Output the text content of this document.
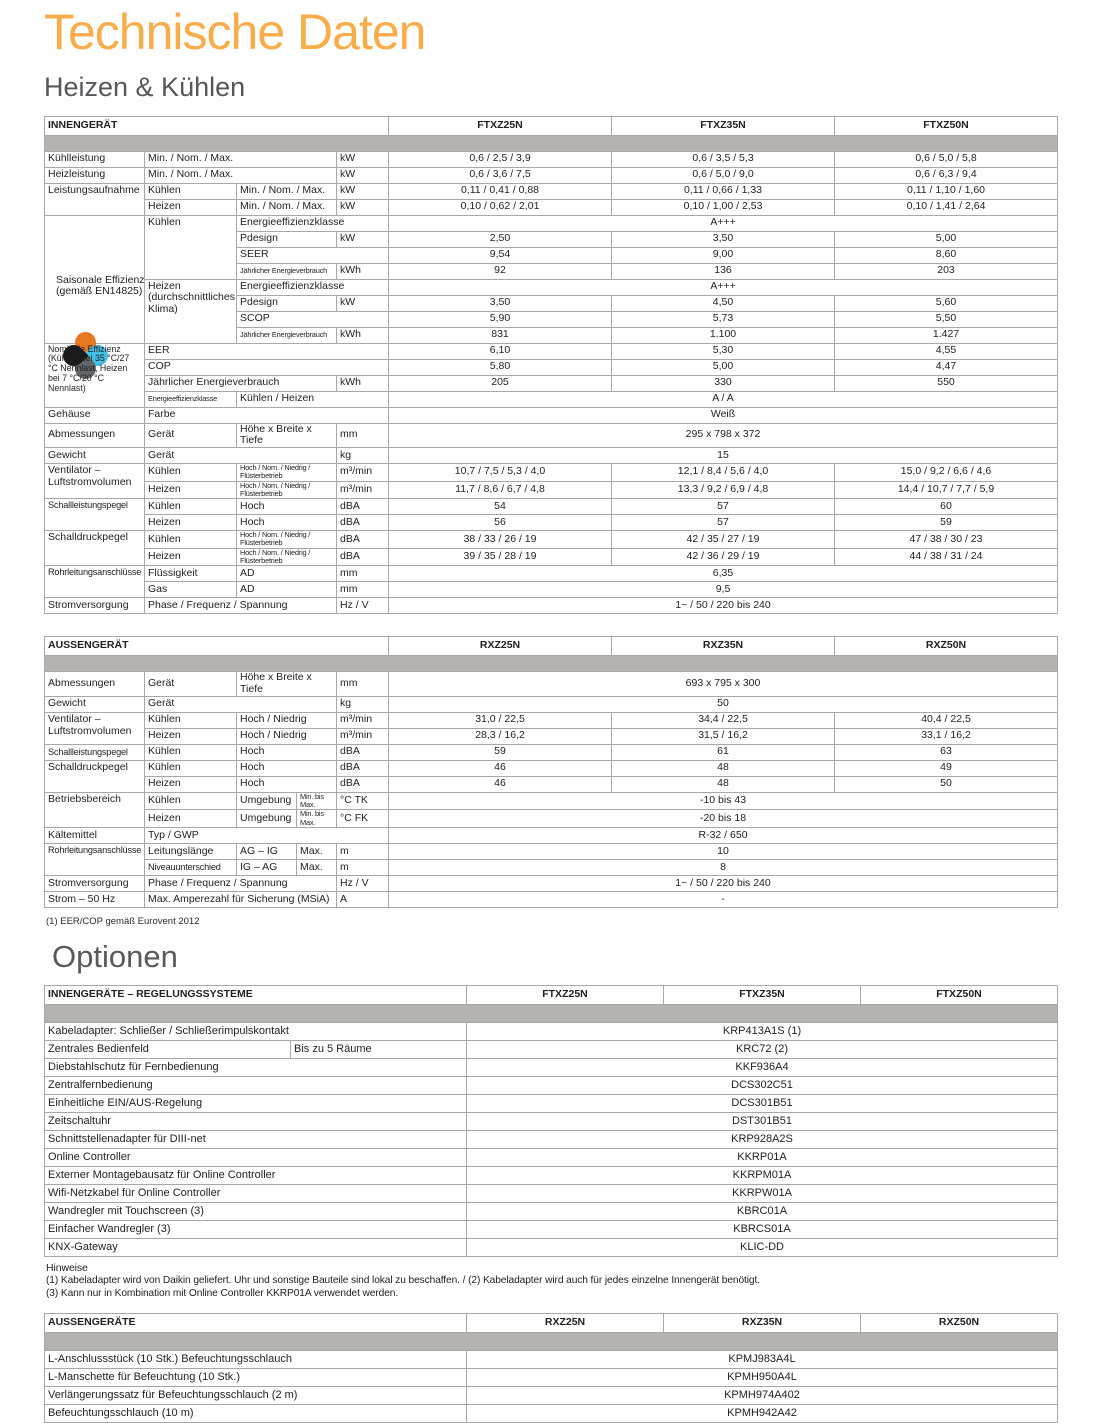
Technische Daten
Heizen & Kühlen
INNENGERÄT	FTXZ25N	FTXZ35N	FTXZ50N

Kühlleistung	Min. / Nom. / Max.	kW	0,6 / 2,5 / 3,9	0,6 / 3,5 / 5,3	0,6 / 5,0 / 5,8
Heizleistung	Min. / Nom. / Max.	kW	0,6 / 3,6 / 7,5	0,6 / 5,0 / 9,0	0,6 / 6,3 / 9,4
Leistungsaufnahme	Kühlen	Min. / Nom. / Max.	kW	0,11 / 0,41 / 0,88	0,11 / 0,66 / 1,33	0,11 / 1,10 / 1,60
Heizen	Min. / Nom. / Max.	kW	0,10 / 0,62 / 2,01	0,10 / 1,00 / 2,53	0,10 / 1,41 / 2,64
Saisonale Effizienz (gemäß EN14825)	Kühlen	Energieeffizienzklasse	A+++
Pdesign	kW	2,50	3,50	5,00
SEER	9,54	9,00	8,60
Jährlicher Energieverbrauch	kWh	92	136	203
Heizen (durchschnittliches Klima)	Energieeffizienzklasse	A+++
Pdesign	kW	3,50	4,50	5,60
SCOP	5,90	5,73	5,50
Jährlicher Energieverbrauch	kWh	831	1.100	1.427
Nominale Effizienz (Kühlen bei 35 °C/27 °C Nennlast, Heizen bei 7 °C/20 °C Nennlast)	EER	6,10	5,30	4,55
COP	5,80	5,00	4,47
Jährlicher Energieverbrauch	kWh	205	330	550
Energieeffizienzklasse	Kühlen / Heizen	A / A
Gehäuse	Farbe	Weiß
Abmessungen	Gerät	Höhe x Breite x Tiefe	mm	295 x 798 x 372
Gewicht	Gerät	kg	15
Ventilator – Luftstromvolumen	Kühlen	Hoch / Nom. / Niedrig / Flüsterbetrieb	m³/min	10,7 / 7,5 / 5,3 / 4,0	12,1 / 8,4 / 5,6 / 4,0	15,0 / 9,2 / 6,6 / 4,6
Heizen	Hoch / Nom. / Niedrig / Flüsterbetrieb	m³/min	11,7 / 8,6 / 6,7 / 4,8	13,3 / 9,2 / 6,9 / 4,8	14,4 / 10,7 / 7,7 / 5,9
Schallleistungspegel	Kühlen	Hoch	dBA	54	57	60
Heizen	Hoch	dBA	56	57	59
Schalldruckpegel	Kühlen	Hoch / Nom. / Niedrig / Flüsterbetrieb	dBA	38 / 33 / 26 / 19	42 / 35 / 27 / 19	47 / 38 / 30 / 23
Heizen	Hoch / Nom. / Niedrig / Flüsterbetrieb	dBA	39 / 35 / 28 / 19	42 / 36 / 29 / 19	44 / 38 / 31 / 24
Rohrleitungsanschlüsse	Flüssigkeit	AD	mm	6,35
Gas	AD	mm	9,5
Stromversorgung	Phase / Frequenz / Spannung	Hz / V	1~ / 50 / 220 bis 240
AUSSENGERÄT					RXZ25N	RXZ35N	RXZ50N

Abmessungen	Gerät	Höhe x Breite x Tiefe		mm	693 x 795 x 300		
Gewicht	Gerät			kg	50		
Ventilator – Luftstromvolumen	Kühlen	Hoch / Niedrig		m³/min	31,0 / 22,5	34,4 / 22,5	40,4 / 22,5
	Heizen	Hoch / Niedrig		m³/min	28,3 / 16,2	31,5 / 16,2	33,1 / 16,2
Schallleistungspegel	Kühlen	Hoch		dBA	59	61	63
Schalldruckpegel	Kühlen	Hoch		dBA	46	48	49
	Heizen	Hoch		dBA	46	48	50
Betriebsbereich	Kühlen	Umgebung	Min. bis Max.	°C TK	-10 bis 43		
	Heizen	Umgebung	Min. bis Max.	°C FK	-20 bis 18		
Kältemittel	Typ / GWP				R-32 / 650		
Rohrleitungsanschlüsse	Leitungslänge	AG – IG	Max.	m	10		
	Niveauunterschied	IG – AG	Max.	m	8		
Stromversorgung	Phase / Frequenz / Spannung			Hz / V	1~ / 50 / 220 bis 240		
Strom – 50 Hz	Max. Amperezahl für Sicherung (MSiA)			A	-		
(1) EER/COP gemäß Eurovent 2012
Optionen
INNENGERÄTE – REGELUNGSSYSTEME		FTXZ25N	FTXZ35N	FTXZ50N

Kabeladapter: Schließer / Schließerimpulskontakt		KRP413A1S (1)		
Zentrales Bedienfeld	Bis zu 5 Räume	KRC72 (2)		
Diebstahlschutz für Fernbedienung		KKF936A4		
Zentralfernbedienung		DCS302C51		
Einheitliche EIN/AUS-Regelung		DCS301B51		
Zeitschaltuhr		DST301B51		
Schnittstellenadapter für DIII-net		KRP928A2S		
Online Controller		KKRP01A		
Externer Montagebausatz für Online Controller		KKRPM01A		
Wifi-Netzkabel für Online Controller		KKRPW01A		
Wandregler mit Touchscreen (3)		KBRC01A		
Einfacher Wandregler (3)		KBRCS01A		
KNX-Gateway		KLIC-DD		
Hinweise
(1) Kabeladapter wird von Daikin geliefert. Uhr und sonstige Bauteile sind lokal zu beschaffen. / (2) Kabeladapter wird auch für jedes einzelne Innengerät benötigt.
(3) Kann nur in Kombination mit Online Controller KKRP01A verwendet werden.
AUSSENGERÄTE	RXZ25N	RXZ35N	RXZ50N

L-Anschlussstück (10 Stk.) Befeuchtungsschlauch	KPMJ983A4L		
L-Manschette für Befeuchtung (10 Stk.)	KPMH950A4L		
Verlängerungssatz für Befeuchtungsschlauch (2 m)	KPMH974A402		
Befeuchtungsschlauch (10 m)	KPMH942A42		
